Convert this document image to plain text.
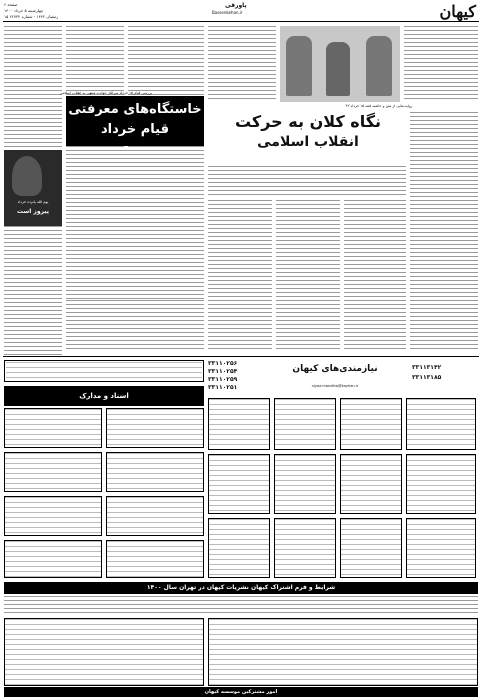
کیهان
پاورقی
Bassenkehan.ir
صفحه ۶
چهارشنبه ۵ خرداد ۱۴۰۰
۱۵ رمضان ۱۴۴۲ - شماره ۲۲۷۳۴
بررسی قیام ۱۵ خرداد سرآغاز حوادث منتهی به انقلاب اسلامی
خاستگاه‌های معرفتی
قیام خرداد
یوم الله پانزده خرداد
پیروز است
روایت‌هایی از متن و حاشیه فتنه ۱۵ خرداد ۴۲
نگاه کلان به حرکت
انقلاب اسلامی
نیازمندی‌های کیهان
niyaz.mandiha@kayhan.ir
۳۳۱۱۰۲۵۶
۳۳۱۱۰۲۵۴
۳۳۱۱۰۲۵۹
۳۳۱۱۰۲۵۱
۳۳۱۱۳۱۴۲
۳۳۱۱۳۱۸۵
اسناد و مدارک
شرایط و فرم اشتراک کیهان نشریات کیهان در تهران سال ۱۴۰۰
امور مشترکین موسسه کیهان
